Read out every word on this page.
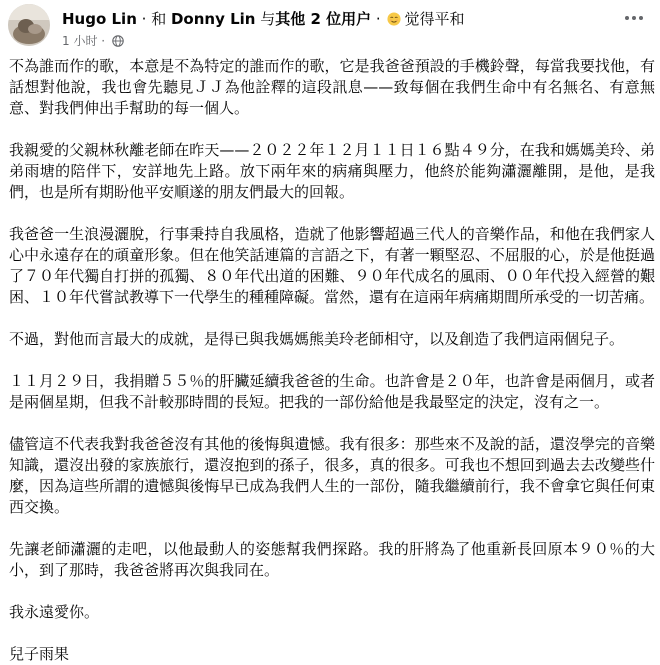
Hugo Lin · 和 Donny Lin 与其他 2 位用户 · 觉得平和
1 小时 ·

不為誰而作的歌，本意是不為特定的誰而作的歌，它是我爸爸預設的手機鈴聲，每當我要找他，有話想對他說，我也會先聽見ＪＪ為他詮釋的這段訊息——致每個在我們生命中有名無名、有意無意、對我們伸出手幫助的每一個人。

我親愛的父親林秋離老師在昨天——２０２２年１２月１１日１６點４９分，在我和媽媽美玲、弟弟雨塘的陪伴下，安詳地先上路。放下兩年來的病痛與壓力，他終於能夠瀟灑離開，是他，是我們，也是所有期盼他平安順遂的朋友們最大的回報。

我爸爸一生浪漫灑脫，行事秉持自我風格，造就了他影響超過三代人的音樂作品，和他在我們家人心中永遠存在的頑童形象。但在他笑話連篇的言語之下，有著一顆堅忍、不屈服的心，於是他挺過了７０年代獨自打拼的孤獨、８０年代出道的困難、９０年代成名的風雨、００年代投入經營的艱困、１０年代嘗試教導下一代學生的種種障礙。當然，還有在這兩年病痛期間所承受的一切苦痛。

不過，對他而言最大的成就，是得已與我媽媽熊美玲老師相守，以及創造了我們這兩個兒子。

１１月２９日，我捐贈５５％的肝臟延續我爸爸的生命。也許會是２０年，也許會是兩個月，或者是兩個星期，但我不計較那時間的長短。把我的一部份給他是我最堅定的決定，沒有之一。

儘管這不代表我對我爸爸沒有其他的後悔與遺憾。我有很多：那些來不及說的話，還沒學完的音樂知識，還沒出發的家族旅行，還沒抱到的孫子，很多，真的很多。可我也不想回到過去去改變些什麼，因為這些所謂的遺憾與後悔早已成為我們人生的一部份，隨我繼續前行，我不會拿它與任何東西交換。

先讓老師瀟灑的走吧，以他最動人的姿態幫我們探路。我的肝將為了他重新長回原本９０％的大小，到了那時，我爸爸將再次與我同在。

我永遠愛你。

兒子雨果
